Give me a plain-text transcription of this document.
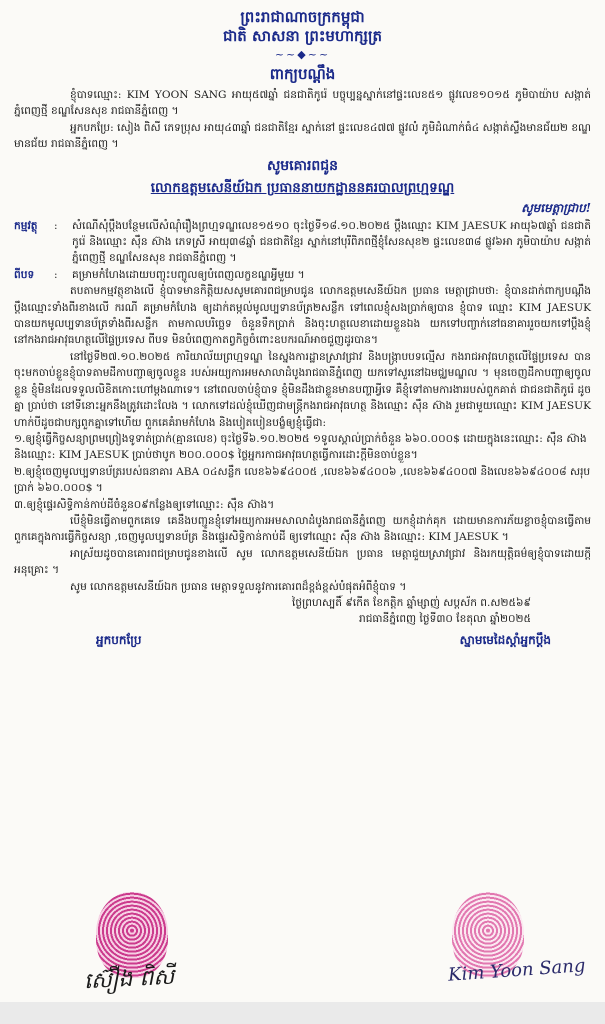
ព្រះរាជាណាចក្រកម្ពុជា
ជាតិ សាសនា ព្រះមហាក្សត្រ
~~◆~~
ពាក្យបណ្ដឹង

ខ្ញុំបាទឈ្មោះ: KIM YOON SANG អាយុ៥៧ឆ្នាំ ជនជាតិកូរ៉េ បច្ចុប្បន្នស្នាក់នៅផ្ទះលេខ៥១ ផ្លូវលេខ១០១៥ ភូមិបាយ៉ាប សង្កាត់ភ្នំពេញថ្មី ខណ្ឌសែនសុខ រាជធានីភ្នំពេញ ។

អ្នកបកប្រែ: សៀង ពិសី ភេទប្រុស អាយុ៤៣ឆ្នាំ ជនជាតិខ្មែរ ស្នាក់នៅ ផ្ទះលេខ៤៧៧ ផ្លូវលំ ភូមិដំណាក់ធំ៤ សង្កាត់ស្ទឹងមានជ័យ២ ខណ្ឌមានជ័យ រាជធានីភ្នំពេញ ។

សូមគោរពជូន
លោកឧត្តមសេនីយ៍ឯក ប្រធាននាយកដ្ឋាននគរបាលព្រហ្មទណ្ឌ
សូមមេត្តាជ្រាប!
កម្មវត្ថុ	:	សំណើសុំប្ដឹងបន្ថែមលើសំណុំរឿងព្រហ្មទណ្ឌលេខ១៥១០ ចុះថ្ងៃទី១៨.១០.២០២៥ ប្ដឹងឈ្មោះ KIM JAESUK អាយុ៦៧ឆ្នាំ ជនជាតិកូរ៉េ និងឈ្មោះ ស៊ឹន ស៊ាង ភេទស្រី អាយុ៣៨ឆ្នាំ ជនជាតិខ្មែរ ស្នាក់នៅបុរីពិភពថ្មីខ្ញុំសែនសុខ២ ផ្ទះលេខ៣៨ ផ្លូវ៦អា ភូមិបាយ៉ាប សង្កាត់ភ្នំពេញថ្មី ខណ្ឌសែនសុខ រាជធានីភ្នំពេញ ។
ពីបទ	:	គម្រាមកំហែងដោយបញ្ចុះបញ្ចូលឲ្យបំពេញលក្ខខណ្ឌអ្វីមួយ ។

តបតាមកម្មវត្ថុខាងលើ ខ្ញុំបាទមានកិត្តិយសសូមគោរពជម្រាបជូន លោកឧត្តមសេនីយ៍ឯក ប្រធាន មេត្តាជ្រាបថា: ខ្ញុំបានដាក់ពាក្យបណ្ដឹងប្ដឹងឈ្មោះទាំងពីរខាងលើ ករណី គម្រាមកំហែង ឲ្យដាក់តម្កល់មូលប្បទានប័ត្រ២សន្លឹក ទៅពេលខ្ញុំសងប្រាក់ឲ្យបាន ខ្ញុំបាទ ឈ្មោះ KIM JAESUK បានយកមូលប្បទានប័ត្រទាំងពីរសន្លឹក តាមកាលបរិច្ឆេទ ចំនួនទឹកប្រាក់ និងចុះហត្ថលេខាដោយខ្លួនឯង យកទៅបញ្ចាក់នៅធនាគាររួចយកទៅប្ដឹងខ្ញុំនៅកងរាជអាវុធហត្ថលើផ្ទៃប្រទេស ពីបទ មិនបំពេញកាតព្វកិច្ចចំពោះឧបករណ៍អាចជួញដូរបាន។

នៅថ្ងៃទី២៧.១០.២០២៥ ការិយាល័យព្រហ្មទណ្ឌ នៃស្នងការដ្ឋានស្រាវជ្រាវ និងបង្ក្រាបបទល្មើស កងរាជអាវុធហត្ថលើផ្ទៃប្រទេស បានចុះមកចាប់ខ្លួនខ្ញុំបាទតាមដីកាបញ្ជាឲ្យចូលខ្លួន របស់អយ្យការអមសាលាដំបូងរាជធានីភ្នំពេញ យកទៅសួរនៅឯមជ្ឈមណ្ឌល ។ មុនចេញដីកាបញ្ជាឲ្យចូលខ្លួន ខ្ញុំមិនដែលទទួលលិខិតកោះហៅម្ដងណាទេ។ នៅពេលចាប់ខ្ញុំបាទ ខ្ញុំមិនដឹងជាខ្លួនមានបញ្ហាអ្វីទេ គឺខ្ញុំទៅតាមការងាររបស់ពួកគាត់ ជាជនជាតិកូរ៉េ ដូចគ្នា ប្រាប់ថា នៅទីនោះអ្នកនឹងត្រូវដោះលែង ។ លោកទៅដល់ខ្ញុំឃើញជាមន្ត្រីកងរាជអាវុធហត្ថ និងឈ្មោះ ស៊ឹន ស៊ាង រួមជាមួយឈ្មោះ KIM JAESUK ហាក់បីដូចជាបក្សពួកគ្នាទៅហើយ ពួកគេគំរាមកំហែង និងបៀតបៀនបង្ខំឲ្យខ្ញុំធ្វើជា:

១.ឲ្យខ្ញុំធ្វើកិច្ចសន្យាព្រមព្រៀងទូទាត់ប្រាក់(គ្មានលេខ) ចុះថ្ងៃទី៦.១០.២០២៥ ១ទូលស្គាល់ប្រាក់ចំនួន ៦៦០.០០០$ ដោយក្នុងនេះឈ្មោះ: ស៊ឹន ស៊ាង និងឈ្មោះ: KIM JAESUK ប្រាប់ថាបូក ២០០.០០០$ ថ្លៃអ្នករកាជអាវុធហត្ថធ្វើការដោះក្ដីមិនចាប់ខ្លួន។

២.ឲ្យខ្ញុំចេញមូលប្បទានប័ត្ររបស់ធនាគារ ABA ០៤សន្លឹក លេខ៦៦៩៤០០៥ ,លេខ៦៦៩៤០០៦ ,លេខ៦៦៩៤០០៧ និងលេខ៦៦៩៤០០៨ សរុបប្រាក់ ៦៦០.០០០$ ។

៣.ឲ្យខ្ញុំផ្ទេរសិទ្ធិកាន់កាប់ដីចំនួន០៩កន្លែងឲ្យទៅឈ្មោះ: ស៊ឹន ស៊ាង។

បើខ្ញុំមិនធ្វើតាមពួកគេទេ គេនឹងបញ្ជូនខ្ញុំទៅអយ្យការអមសាលាដំបូងរាជធានីភ្នំពេញ យកខ្ញុំដាក់គុក ដោយមានការភ័យខ្លាចខ្ញុំបានធ្វើតាមពួកគេក្នុងការធ្វើកិច្ចសន្យា ,ចេញមូលប្បទានប័ត្រ និងផ្ទេរសិទ្ធិកាន់កាប់ដី ឲ្យទៅឈ្មោះ ស៊ឹន ស៊ាង និងឈ្មោះ: KIM JAESUK ។

អាស្រ័យដូចបានគោរពជម្រាបជូនខាងលើ សូម លោកឧត្តមសេនីយ៍ឯក ប្រធាន មេត្តាជួយស្រាវជ្រាវ និងរកយុត្តិធម៌ឲ្យខ្ញុំបាទដោយក្ដីអនុគ្រោះ ។

សូម លោកឧត្តមសេនីយ៍ឯក ប្រធាន មេត្តាទទួលនូវការគោរពដ៏ខ្ពង់ខ្ពស់បំផុតអំពីខ្ញុំបាទ ។

ថ្ងៃព្រហស្បតិ៍ ៩កើត ខែកត្តិក ឆ្នាំម្សាញ់ សប្តស័ក ព.ស២៥៦៩
រាជធានីភ្នំពេញ ថ្ងៃទី៣០ ខែតុលា ឆ្នាំ២០២៥
អ្នកបកប្រែ	ស្នាមមេដៃស្ដាំអ្នកប្ដឹង
ស៊ឿង ពិសី	Kim Yoon Sang
